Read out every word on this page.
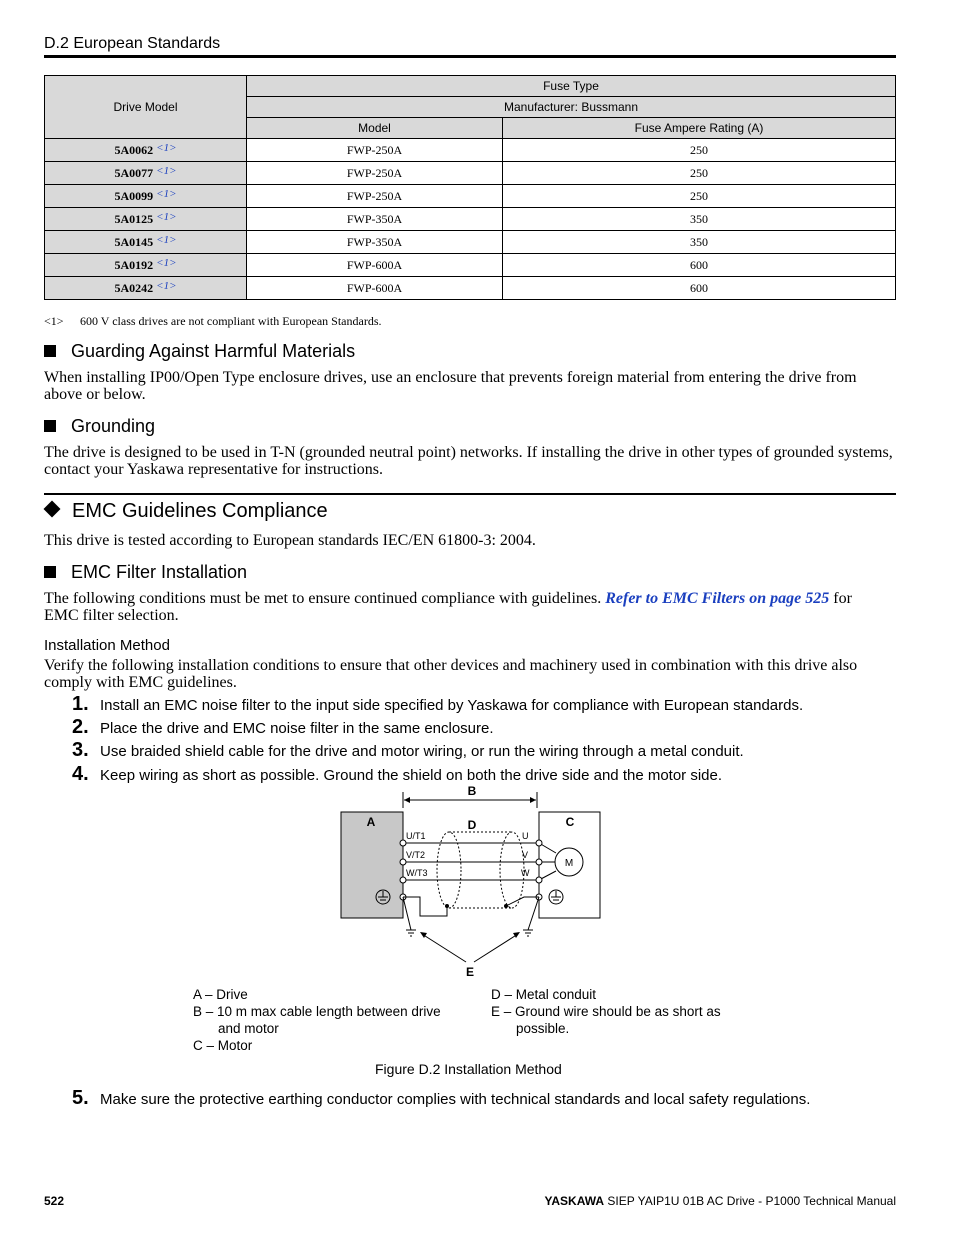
D.2 European Standards
Drive Model	Fuse Type	
	Manufacturer: Bussmann	
	Model	Fuse Ampere Rating (A)
5A0062 <1>	FWP-250A	250
5A0077 <1>	FWP-250A	250
5A0099 <1>	FWP-250A	250
5A0125 <1>	FWP-350A	350
5A0145 <1>	FWP-350A	350
5A0192 <1>	FWP-600A	600
5A0242 <1>	FWP-600A	600
<1> 600 V class drives are not compliant with European Standards.
Guarding Against Harmful Materials
When installing IP00/Open Type enclosure drives, use an enclosure that prevents foreign material from entering the drive from above or below.
Grounding
The drive is designed to be used in T-N (grounded neutral point) networks. If installing the drive in other types of grounded systems, contact your Yaskawa representative for instructions.
EMC Guidelines Compliance
This drive is tested according to European standards IEC/EN 61800-3: 2004.
EMC Filter Installation
The following conditions must be met to ensure continued compliance with guidelines. Refer to EMC Filters on page 525 for EMC filter selection.
Installation Method
Verify the following installation conditions to ensure that other devices and machinery used in combination with this drive also comply with EMC guidelines.
1. Install an EMC noise filter to the input side specified by Yaskawa for compliance with European standards.
2. Place the drive and EMC noise filter in the same enclosure.
3. Use braided shield cable for the drive and motor wiring, or run the wiring through a metal conduit.
4. Keep wiring as short as possible. Ground the shield on both the drive side and the motor side.
B
A	C
D
U/T1
V/T2
W/T3
U
V
W
M
E
A – Drive
B – 10 m max cable length between drive
and motor
C – Motor
D – Metal conduit
E – Ground wire should be as short as
possible.
Figure D.2 Installation Method
5. Make sure the protective earthing conductor complies with technical standards and local safety regulations.
522	YASKAWA SIEP YAIP1U 01B AC Drive - P1000 Technical Manual
